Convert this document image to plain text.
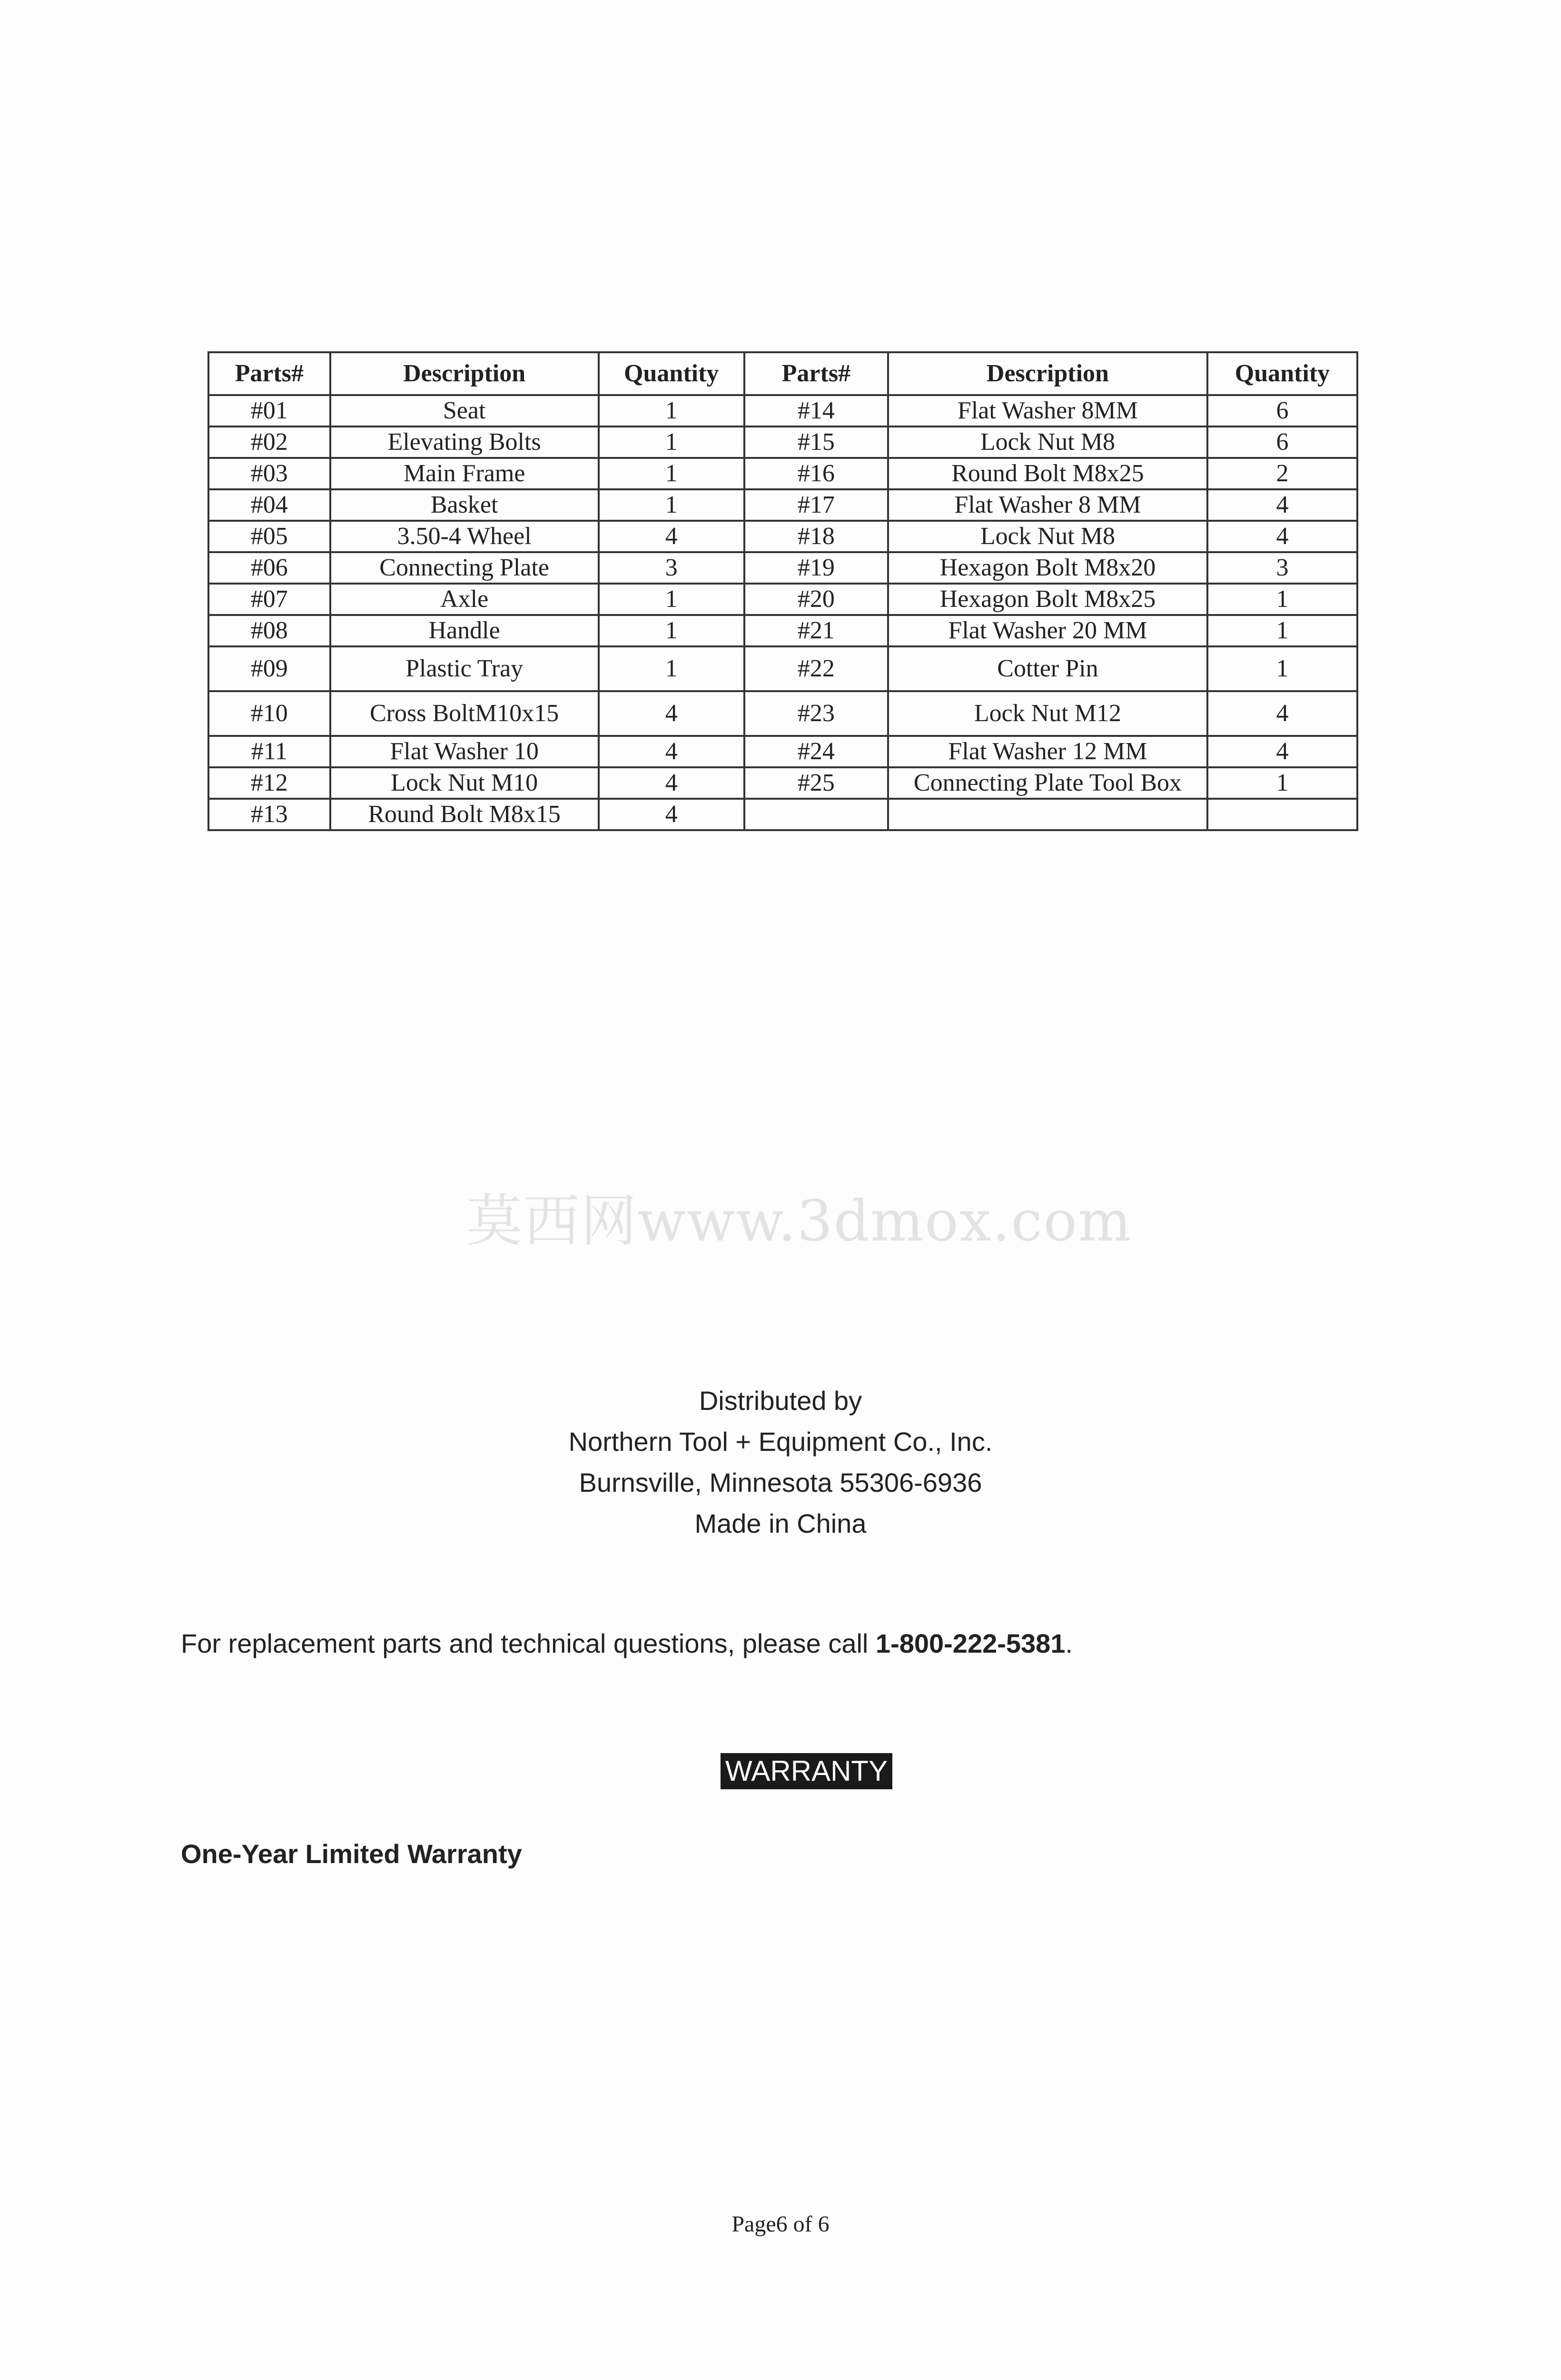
Parts#	Description	Quantity	Parts#	Description	Quantity
#01	Seat	1	#14	Flat Washer 8MM	6
#02	Elevating Bolts	1	#15	Lock Nut M8	6
#03	Main Frame	1	#16	Round Bolt M8x25	2
#04	Basket	1	#17	Flat Washer 8 MM	4
#05	3.50-4 Wheel	4	#18	Lock Nut M8	4
#06	Connecting Plate	3	#19	Hexagon Bolt M8x20	3
#07	Axle	1	#20	Hexagon Bolt M8x25	1
#08	Handle	1	#21	Flat Washer 20 MM	1
#09	Plastic Tray	1	#22	Cotter Pin	1
#10	Cross BoltM10x15	4	#23	Lock Nut M12	4
#11	Flat Washer 10	4	#24	Flat Washer 12 MM	4
#12	Lock Nut M10	4	#25	Connecting Plate Tool Box	1
#13	Round Bolt M8x15	4			
莫西网www.3dmox.com
Distributed by
Northern Tool + Equipment Co., Inc.
Burnsville, Minnesota 55306-6936
Made in China
For replacement parts and technical questions, please call 1-800-222-5381.
WARRANTY
One-Year Limited Warranty
Page6 of 6
